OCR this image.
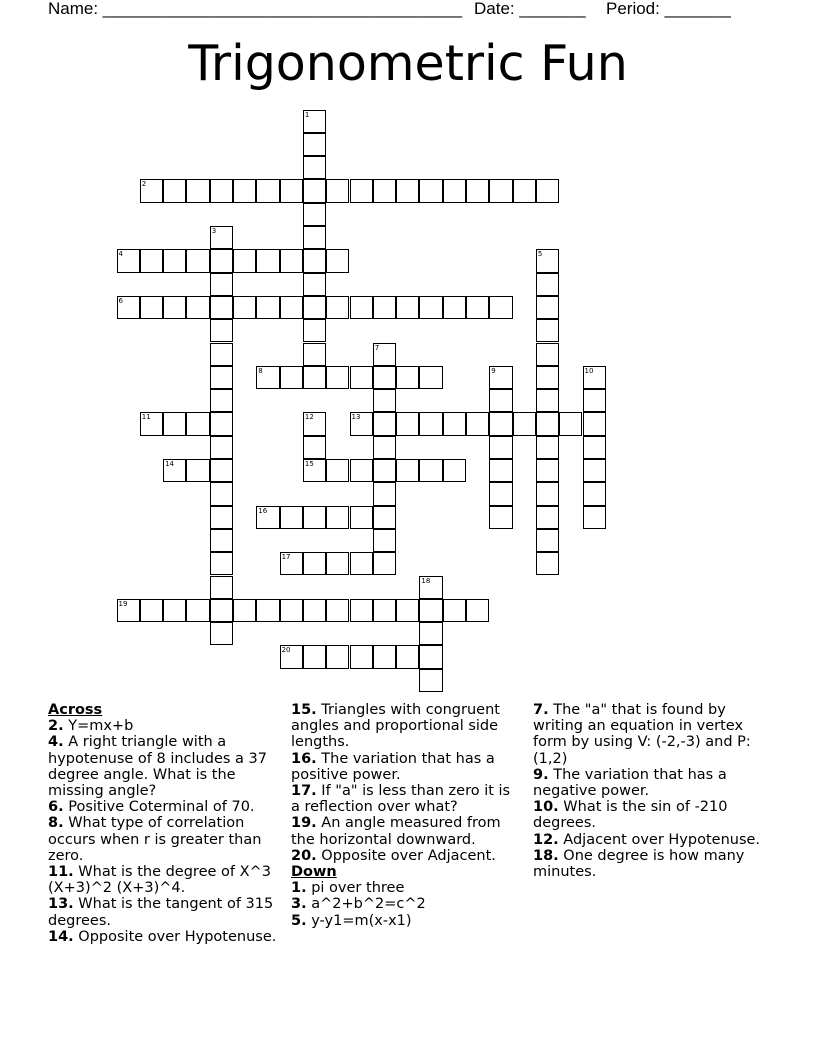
Name: ______________________________________ Date: _______ Period: _______
Trigonometric Fun
1
2
3
4	5
6
7
8	9	10
11	12
15
13
14
16
17
18
19
20
Across
2. Y=mx+b
4. A right triangle with a hypotenuse of 8 includes a 37 degree angle. What is the missing angle?
6. Positive Coterminal of 70.
8. What type of correlation occurs when r is greater than zero.
11. What is the degree of X^3 (X+3)^2 (X+3)^4.
13. What is the tangent of 315 degrees.
14. Opposite over Hypotenuse.
15. Triangles with congruent angles and proportional side lengths.
16. The variation that has a positive power.
17. If "a" is less than zero it is a reflection over what?
19. An angle measured from the horizontal downward.
20. Opposite over Adjacent.
Down
1. pi over three
3. a^2+b^2=c^2
5. y-y1=m(x-x1)
7. The "a" that is found by writing an equation in vertex form by using V: (-2,-3) and P: (1,2)
9. The variation that has a negative power.
10. What is the sin of -210 degrees.
12. Adjacent over Hypotenuse.
18. One degree is how many minutes.
